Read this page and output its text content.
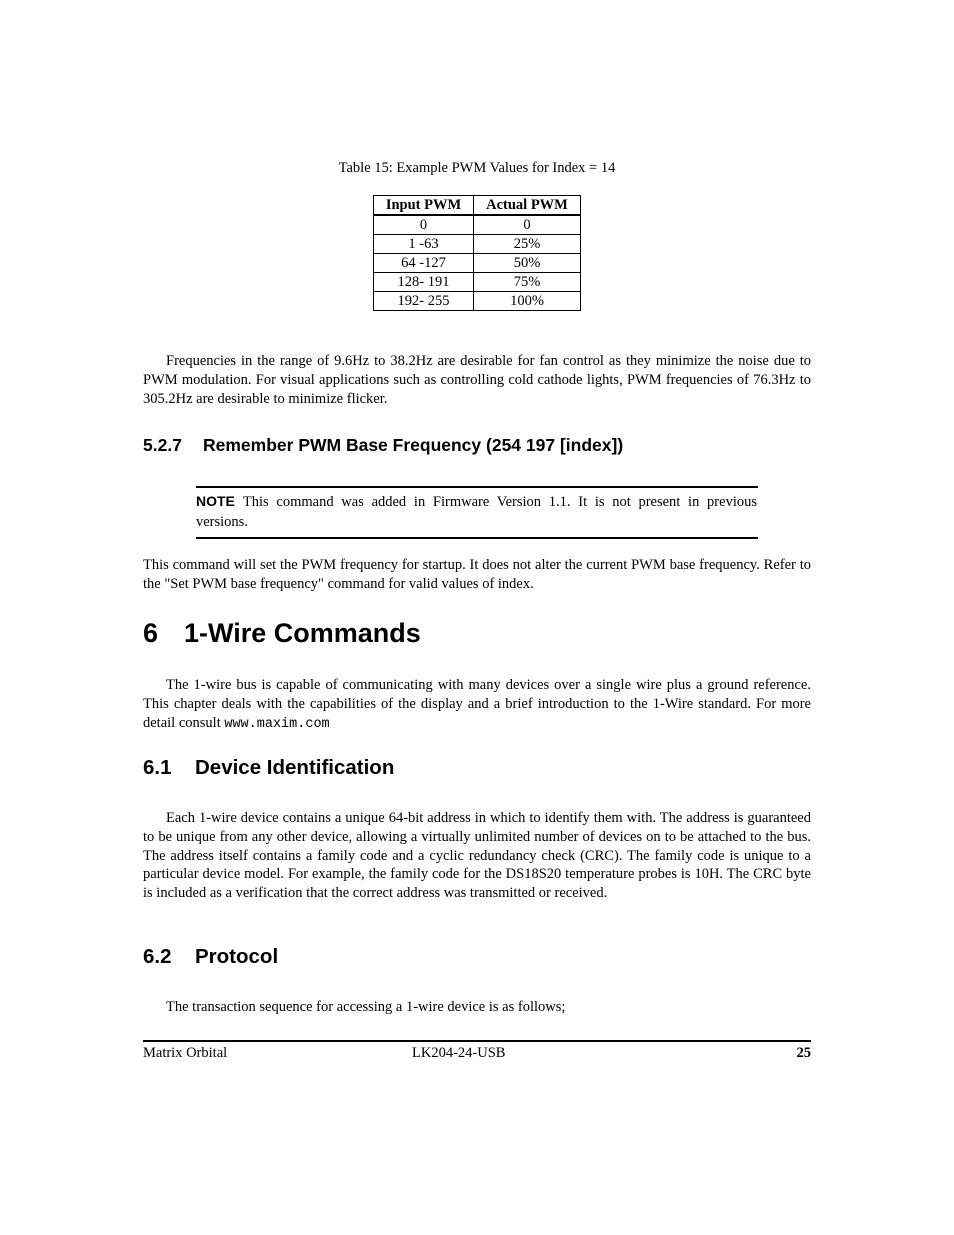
Table 15: Example PWM Values for Index = 14
Input PWM	Actual PWM
0	0
1 -63	25%
64 -127	50%
128- 191	75%
192- 255	100%

Frequencies in the range of 9.6Hz to 38.2Hz are desirable for fan control as they minimize the noise due to PWM modulation. For visual applications such as controlling cold cathode lights, PWM frequencies of 76.3Hz to 305.2Hz are desirable to minimize flicker.

5.2.7 Remember PWM Base Frequency (254 197 [index])
NOTE This command was added in Firmware Version 1.1. It is not present in previous versions.

This command will set the PWM frequency for startup. It does not alter the current PWM base frequency. Refer to the "Set PWM base frequency" command for valid values of index.

6 1-Wire Commands

The 1-wire bus is capable of communicating with many devices over a single wire plus a ground reference. This chapter deals with the capabilities of the display and a brief introduction to the 1-Wire standard. For more detail consult www.maxim.com

6.1 Device Identification

Each 1-wire device contains a unique 64-bit address in which to identify them with. The address is guaranteed to be unique from any other device, allowing a virtually unlimited number of devices on to be attached to the bus. The address itself contains a family code and a cyclic redundancy check (CRC). The family code is unique to a particular device model. For example, the family code for the DS18S20 temperature probes is 10H. The CRC byte is included as a verification that the correct address was transmitted or received.

6.2 Protocol

The transaction sequence for accessing a 1-wire device is as follows;

Matrix Orbital	LK204-24-USB	25
